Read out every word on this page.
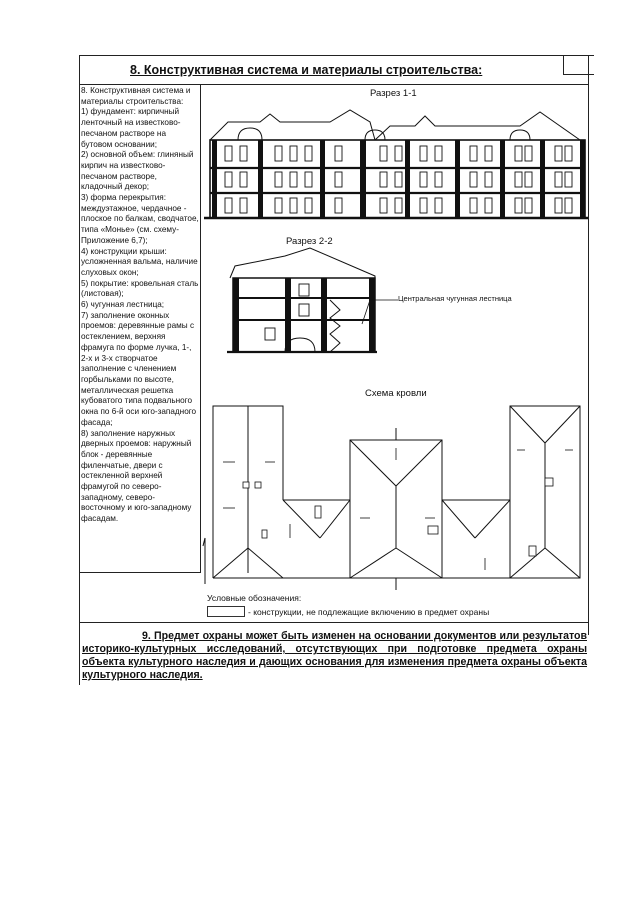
8. Конструктивная система и материалы строительства:
8. Конструктивная система и материалы строительства:
1) фундамент: кирпичный ленточный на известково-песчаном растворе на бутовом основании;
2) основной объем: глиняный кирпич на известково-песчаном растворе, кладочный декор;
3) форма перекрытия: междуэтажное, чердачное - плоское по балкам, сводчатое, типа «Монье» (см. схему-Приложение 6,7);
4) конструкции крыши: усложненная вальма, наличие слуховых окон;
5) покрытие: кровельная сталь (листовая);
6) чугунная лестница;
7) заполнение оконных проемов: деревянные рамы с остеклением, верхняя фрамуга по форме лучка, 1-, 2-х и 3-х створчатое заполнение с членением горбыльками по высоте, металлическая решетка кубоватого типа подвального окна по 6-й оси юго-западного фасада;
8) заполнение наружных дверных проемов: наружный блок - деревянные филенчатые, двери с остекленной верхней фрамугой по северо-западному, северо-восточному и юго-западному фасадам.
Разрез 1-1
Разрез 2-2
Центральная чугунная лестница
Схема кровли
Условные обозначения:
- конструкции, не подлежащие включению в предмет охраны
9. Предмет охраны может быть изменен на основании документов или результатов историко-культурных исследований, отсутствующих при подготовке предмета охраны объекта культурного наследия и дающих основания для изменения предмета охраны объекта культурного наследия.
